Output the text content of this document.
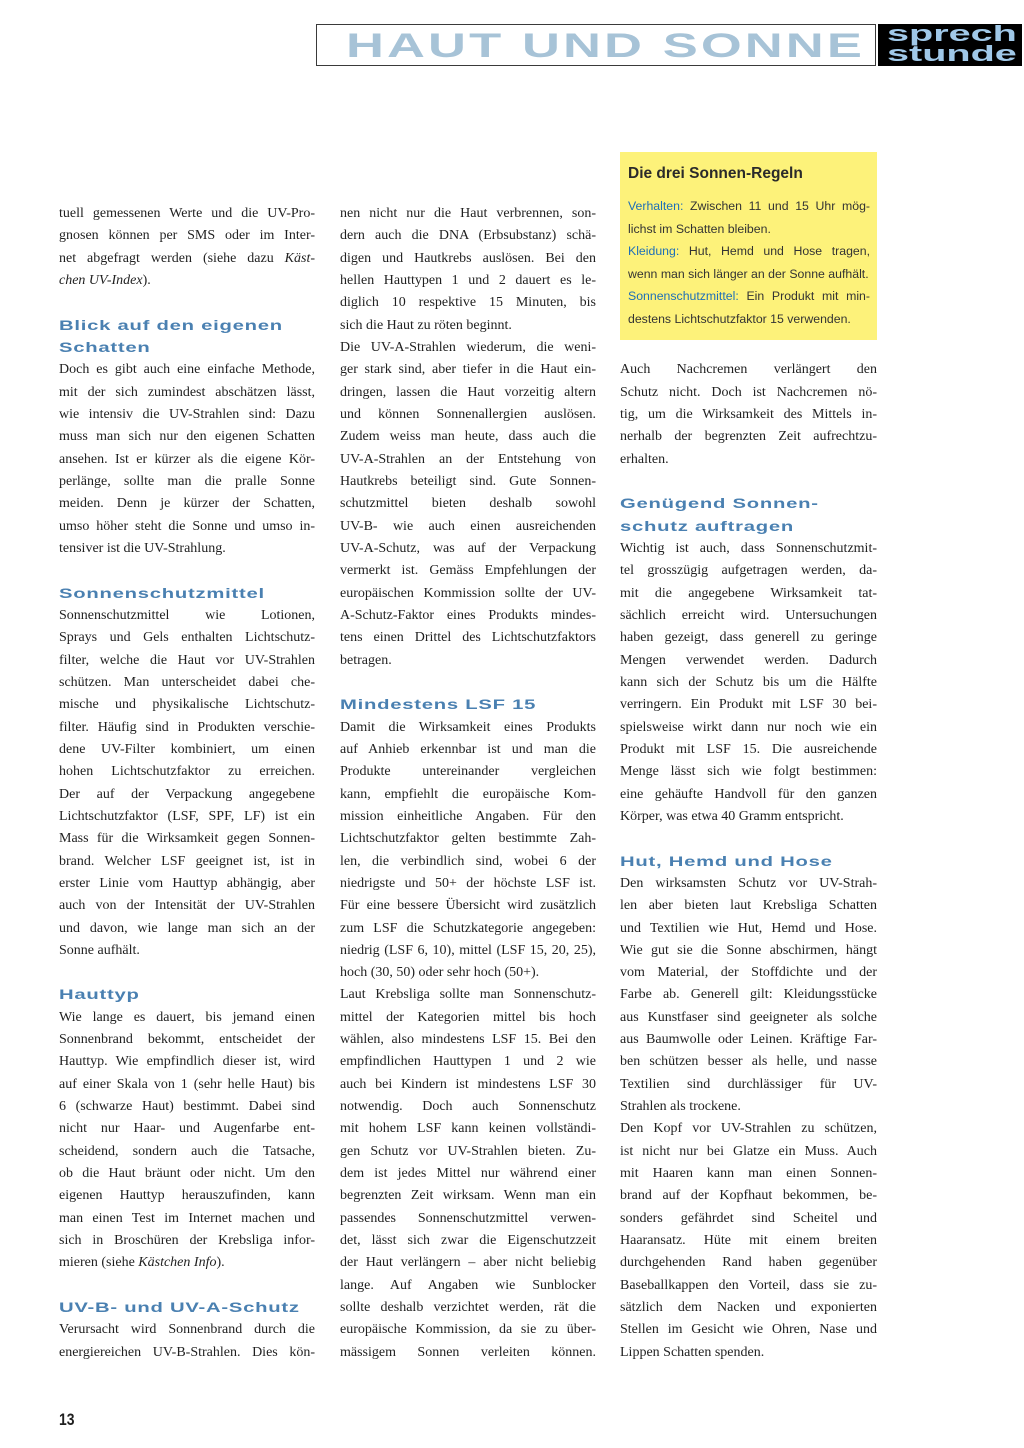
HAUT UND SONNE	sprech
stunde
Die drei Sonnen-Regeln
Verhalten: Zwischen 11 und 15 Uhr mög-
lichst im Schatten bleiben.
Kleidung: Hut, Hemd und Hose tragen,
wenn man sich länger an der Sonne aufhält.
Sonnenschutzmittel: Ein Produkt mit min-
destens Lichtschutzfaktor 15 verwenden.
tuell gemessenen Werte und die UV-Pro-
gnosen können per SMS oder im Inter-
net abgefragt werden (siehe dazu Käst-
chen UV-Index).
Blick auf den eigenen
Schatten
Doch es gibt auch eine einfache Methode,
mit der sich zumindest abschätzen lässt,
wie intensiv die UV-Strahlen sind: Dazu
muss man sich nur den eigenen Schatten
ansehen. Ist er kürzer als die eigene Kör-
perlänge, sollte man die pralle Sonne
meiden. Denn je kürzer der Schatten,
umso höher steht die Sonne und umso in-
tensiver ist die UV-Strahlung.
Sonnenschutzmittel
Sonnenschutzmittel wie Lotionen,
Sprays und Gels enthalten Lichtschutz-
filter, welche die Haut vor UV-Strahlen
schützen. Man unterscheidet dabei che-
mische und physikalische Lichtschutz-
filter. Häufig sind in Produkten verschie-
dene UV-Filter kombiniert, um einen
hohen Lichtschutzfaktor zu erreichen.
Der auf der Verpackung angegebene
Lichtschutzfaktor (LSF, SPF, LF) ist ein
Mass für die Wirksamkeit gegen Sonnen-
brand. Welcher LSF geeignet ist, ist in
erster Linie vom Hauttyp abhängig, aber
auch von der Intensität der UV-Strahlen
und davon, wie lange man sich an der
Sonne aufhält.
Hauttyp
Wie lange es dauert, bis jemand einen
Sonnenbrand bekommt, entscheidet der
Hauttyp. Wie empfindlich dieser ist, wird
auf einer Skala von 1 (sehr helle Haut) bis
6 (schwarze Haut) bestimmt. Dabei sind
nicht nur Haar- und Augenfarbe ent-
scheidend, sondern auch die Tatsache,
ob die Haut bräunt oder nicht. Um den
eigenen Hauttyp herauszufinden, kann
man einen Test im Internet machen und
sich in Broschüren der Krebsliga infor-
mieren (siehe Kästchen Info).
UV-B- und UV-A-Schutz
Verursacht wird Sonnenbrand durch die
energiereichen UV-B-Strahlen. Dies kön-
nen nicht nur die Haut verbrennen, son-
dern auch die DNA (Erbsubstanz) schä-
digen und Hautkrebs auslösen. Bei den
hellen Hauttypen 1 und 2 dauert es le-
diglich 10 respektive 15 Minuten, bis
sich die Haut zu röten beginnt.
Die UV-A-Strahlen wiederum, die weni-
ger stark sind, aber tiefer in die Haut ein-
dringen, lassen die Haut vorzeitig altern
und können Sonnenallergien auslösen.
Zudem weiss man heute, dass auch die
UV-A-Strahlen an der Entstehung von
Hautkrebs beteiligt sind. Gute Sonnen-
schutzmittel bieten deshalb sowohl
UV-B- wie auch einen ausreichenden
UV-A-Schutz, was auf der Verpackung
vermerkt ist. Gemäss Empfehlungen der
europäischen Kommission sollte der UV-
A-Schutz-Faktor eines Produkts mindes-
tens einen Drittel des Lichtschutzfaktors
betragen.
Mindestens LSF 15
Damit die Wirksamkeit eines Produkts
auf Anhieb erkennbar ist und man die
Produkte untereinander vergleichen
kann, empfiehlt die europäische Kom-
mission einheitliche Angaben. Für den
Lichtschutzfaktor gelten bestimmte Zah-
len, die verbindlich sind, wobei 6 der
niedrigste und 50+ der höchste LSF ist.
Für eine bessere Übersicht wird zusätzlich
zum LSF die Schutzkategorie angegeben:
niedrig (LSF 6, 10), mittel (LSF 15, 20, 25),
hoch (30, 50) oder sehr hoch (50+).
Laut Krebsliga sollte man Sonnenschutz-
mittel der Kategorien mittel bis hoch
wählen, also mindestens LSF 15. Bei den
empfindlichen Hauttypen 1 und 2 wie
auch bei Kindern ist mindestens LSF 30
notwendig. Doch auch Sonnenschutz
mit hohem LSF kann keinen vollständi-
gen Schutz vor UV-Strahlen bieten. Zu-
dem ist jedes Mittel nur während einer
begrenzten Zeit wirksam. Wenn man ein
passendes Sonnenschutzmittel verwen-
det, lässt sich zwar die Eigenschutzzeit
der Haut verlängern – aber nicht beliebig
lange. Auf Angaben wie Sunblocker
sollte deshalb verzichtet werden, rät die
europäische Kommission, da sie zu über-
mässigem Sonnen verleiten können.
Auch Nachcremen verlängert den
Schutz nicht. Doch ist Nachcremen nö-
tig, um die Wirksamkeit des Mittels in-
nerhalb der begrenzten Zeit aufrechtzu-
erhalten.
Genügend Sonnen-
schutz auftragen
Wichtig ist auch, dass Sonnenschutzmit-
tel grosszügig aufgetragen werden, da-
mit die angegebene Wirksamkeit tat-
sächlich erreicht wird. Untersuchungen
haben gezeigt, dass generell zu geringe
Mengen verwendet werden. Dadurch
kann sich der Schutz bis um die Hälfte
verringern. Ein Produkt mit LSF 30 bei-
spielsweise wirkt dann nur noch wie ein
Produkt mit LSF 15. Die ausreichende
Menge lässt sich wie folgt bestimmen:
eine gehäufte Handvoll für den ganzen
Körper, was etwa 40 Gramm entspricht.
Hut, Hemd und Hose
Den wirksamsten Schutz vor UV-Strah-
len aber bieten laut Krebsliga Schatten
und Textilien wie Hut, Hemd und Hose.
Wie gut sie die Sonne abschirmen, hängt
vom Material, der Stoffdichte und der
Farbe ab. Generell gilt: Kleidungsstücke
aus Kunstfaser sind geeigneter als solche
aus Baumwolle oder Leinen. Kräftige Far-
ben schützen besser als helle, und nasse
Textilien sind durchlässiger für UV-
Strahlen als trockene.
Den Kopf vor UV-Strahlen zu schützen,
ist nicht nur bei Glatze ein Muss. Auch
mit Haaren kann man einen Sonnen-
brand auf der Kopfhaut bekommen, be-
sonders gefährdet sind Scheitel und
Haaransatz. Hüte mit einem breiten
durchgehenden Rand haben gegenüber
Baseballkappen den Vorteil, dass sie zu-
sätzlich dem Nacken und exponierten
Stellen im Gesicht wie Ohren, Nase und
Lippen Schatten spenden.
13
